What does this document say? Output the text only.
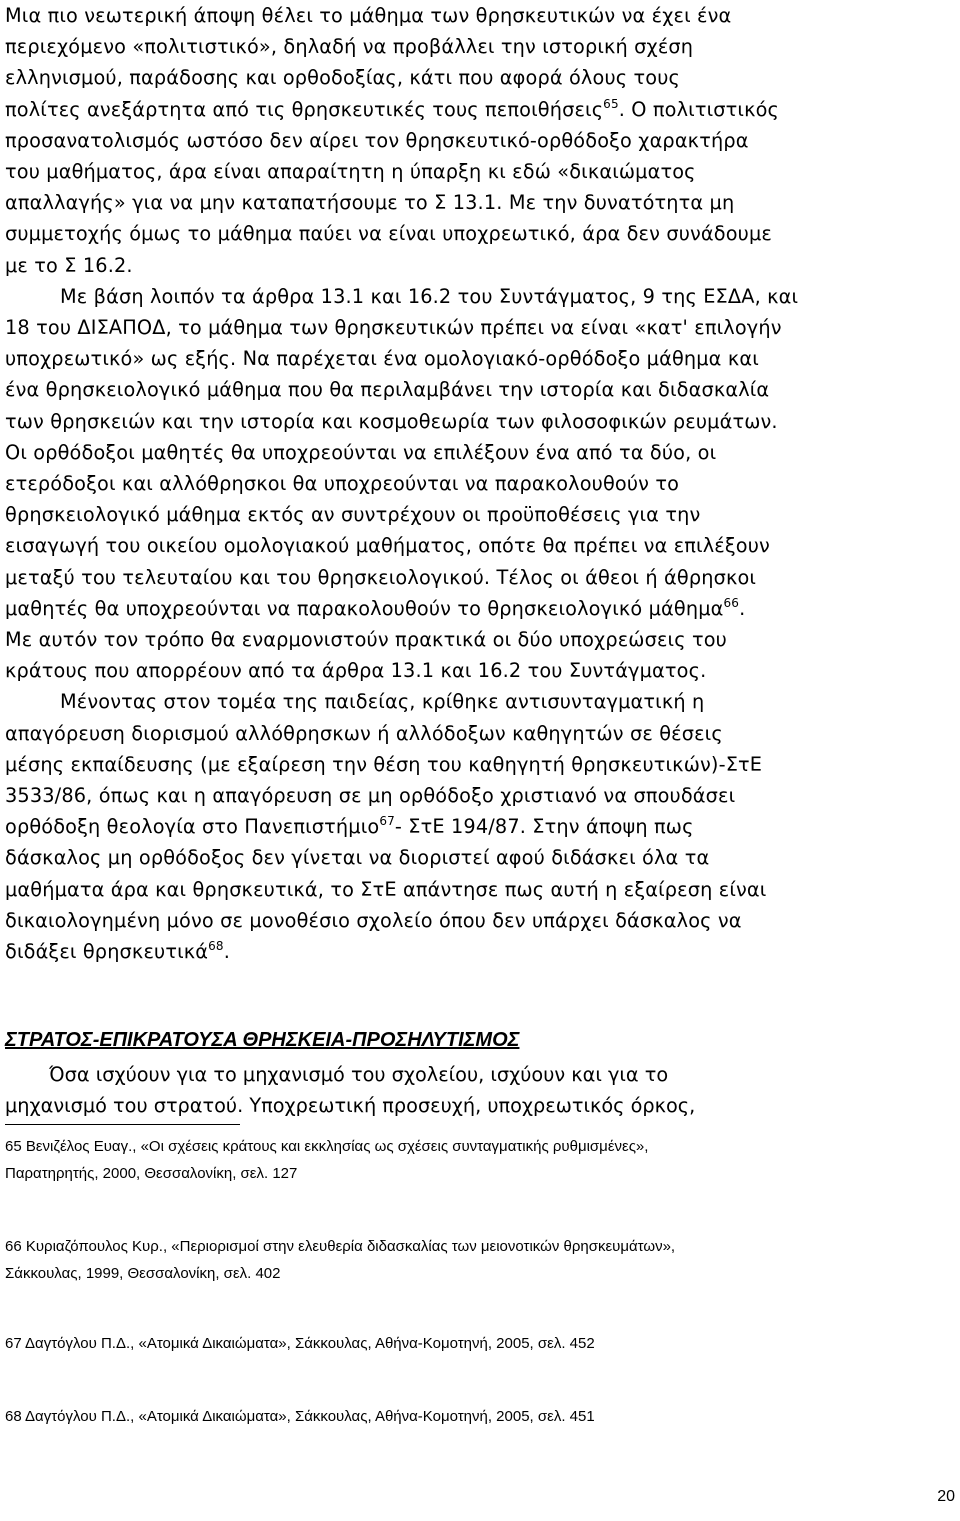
Μια πιο νεωτερική άποψη θέλει το μάθημα των θρησκευτικών να έχει ένα
περιεχόμενο «πολιτιστικό», δηλαδή να προβάλλει την ιστορική σχέση
ελληνισμού, παράδοσης και ορθοδοξίας, κάτι που αφορά όλους τους
πολίτες ανεξάρτητα από τις θρησκευτικές τους πεποιθήσεις$^{65}$. Ο πολιτιστικός
προσανατολισμός ωστόσο δεν αίρει τον θρησκευτικό-ορθόδοξο χαρακτήρα
του μαθήματος, άρα είναι απαραίτητη η ύπαρξη κι εδώ «δικαιώματος
απαλλαγής» για να μην καταπατήσουμε το Σ 13.1. Με την δυνατότητα μη
συμμετοχής όμως το μάθημα παύει να είναι υποχρεωτικό, άρα δεν συνάδουμε
με το Σ 16.2.

Με βάση λοιπόν τα άρθρα 13.1 και 16.2 του Συντάγματος, 9 της ΕΣΔΑ, και
18 του ΔΙΣΑΠΟΔ, το μάθημα των θρησκευτικών πρέπει να είναι «κατ' επιλογήν
υποχρεωτικό» ως εξής. Να παρέχεται ένα ομολογιακό-ορθόδοξο μάθημα και
ένα θρησκειολογικό μάθημα που θα περιλαμβάνει την ιστορία και διδασκαλία
των θρησκειών και την ιστορία και κοσμοθεωρία των φιλοσοφικών ρευμάτων.
Οι ορθόδοξοι μαθητές θα υποχρεούνται να επιλέξουν ένα από τα δύο, οι
ετερόδοξοι και αλλόθρησκοι θα υποχρεούνται να παρακολουθούν το
θρησκειολογικό μάθημα εκτός αν συντρέχουν οι προϋποθέσεις για την
εισαγωγή του οικείου ομολογιακού μαθήματος, οπότε θα πρέπει να επιλέξουν
μεταξύ του τελευταίου και του θρησκειολογικού. Τέλος οι άθεοι ή άθρησκοι
μαθητές θα υποχρεούνται να παρακολουθούν το θρησκειολογικό μάθημα$^{66}$.
Με αυτόν τον τρόπο θα εναρμονιστούν πρακτικά οι δύο υποχρεώσεις του
κράτους που απορρέουν από τα άρθρα 13.1 και 16.2 του Συντάγματος.

Μένοντας στον τομέα της παιδείας, κρίθηκε αντισυνταγματική η
απαγόρευση διορισμού αλλόθρησκων ή αλλόδοξων καθηγητών σε θέσεις
μέσης εκπαίδευσης (με εξαίρεση την θέση του καθηγητή θρησκευτικών)-ΣτΕ
3533/86, όπως και η απαγόρευση σε μη ορθόδοξο χριστιανό να σπουδάσει
ορθόδοξη θεολογία στο Πανεπιστήμιο$^{67}$- ΣτΕ 194/87. Στην άποψη πως
δάσκαλος μη ορθόδοξος δεν γίνεται να διοριστεί αφού διδάσκει όλα τα
μαθήματα άρα και θρησκευτικά, το ΣτΕ απάντησε πως αυτή η εξαίρεση είναι
δικαιολογημένη μόνο σε μονοθέσιο σχολείο όπου δεν υπάρχει δάσκαλος να
διδάξει θρησκευτικά$^{68}$.

ΣΤΡΑΤΟΣ-ΕΠΙΚΡΑΤΟΥΣΑ ΘΡΗΣΚΕΙΑ-ΠΡΟΣΗΛΥΤΙΣΜΟΣ

Όσα ισχύουν για το μηχανισμό του σχολείου, ισχύουν και για το
μηχανισμό του στρατού. Υποχρεωτική προσευχή, υποχρεωτικός όρκος,

65 Βενιζέλος Ευαγ., «Οι σχέσεις κράτους και εκκλησίας ως σχέσεις συνταγματικής ρυθμισμένες»,
Παρατηρητής, 2000, Θεσσαλονίκη, σελ. 127
66 Κυριαζόπουλος Κυρ., «Περιορισμοί στην ελευθερία διδασκαλίας των μειονοτικών θρησκευμάτων»,
Σάκκουλας, 1999, Θεσσαλονίκη, σελ. 402
67 Δαγτόγλου Π.Δ., «Ατομικά Δικαιώματα», Σάκκουλας, Αθήνα-Κομοτηνή, 2005, σελ. 452
68 Δαγτόγλου Π.Δ., «Ατομικά Δικαιώματα», Σάκκουλας, Αθήνα-Κομοτηνή, 2005, σελ. 451
20
